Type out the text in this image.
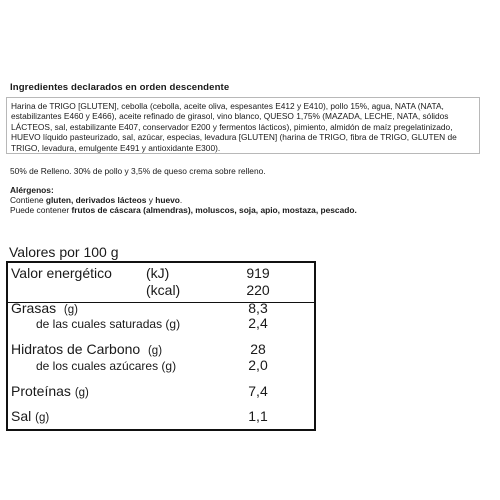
Ingredientes declarados en orden descendente
Harina de TRIGO [GLUTEN], cebolla (cebolla, aceite oliva, espesantes E412 y E410), pollo 15%, agua, NATA (NATA,
estabilizantes E460 y E466), aceite refinado de girasol, vino blanco, QUESO 1,75% (MAZADA, LECHE, NATA, sólidos
LÁCTEOS, sal, estabilizante E407, conservador E200 y fermentos lácticos), pimiento, almidón de maíz pregelatinizado,
HUEVO líquido pasteurizado, sal, azúcar, especias, levadura [GLUTEN] (harina de TRIGO, fibra de TRIGO, GLUTEN de
TRIGO, levadura, emulgente E491 y antioxidante E300).
50% de Relleno. 30% de pollo y 3,5% de queso crema sobre relleno.
Alérgenos:
Contiene gluten, derivados lácteos y huevo.
Puede contener frutos de cáscara (almendras), moluscos, soja, apio, mostaza, pescado.
Valores por 100 g
Valor energético (kJ)	919
(kcal)	220
Grasas (g)	8,3
de las cuales saturadas (g)	2,4
Hidratos de Carbono (g)	28
de los cuales azúcares (g)	2,0
Proteínas (g)	7,4
Sal (g)	1,1
